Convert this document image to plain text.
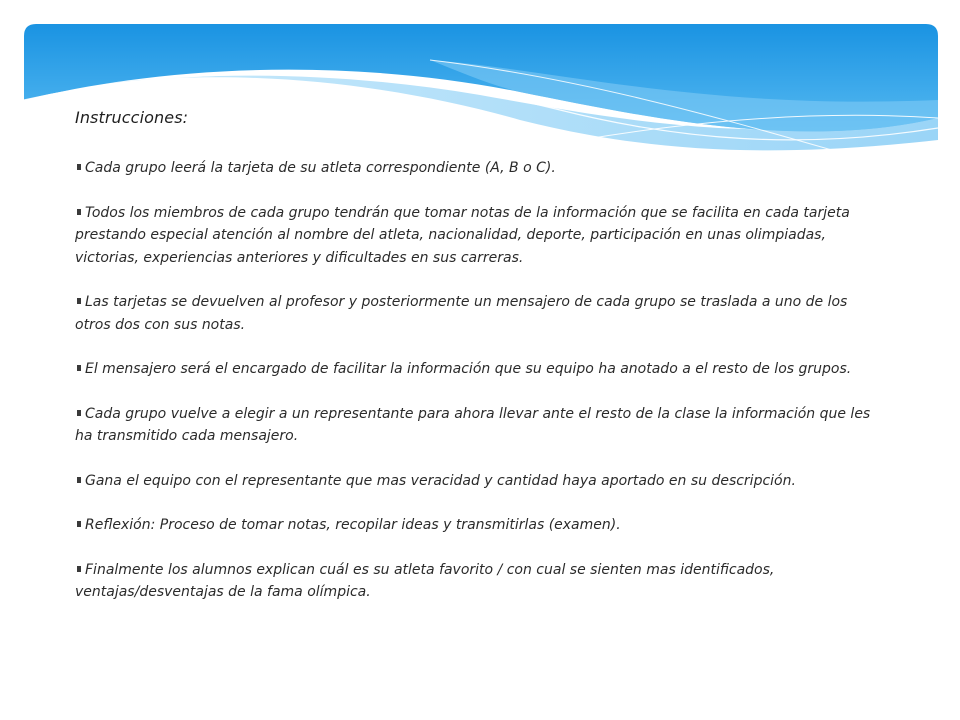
Instrucciones:
Cada grupo leerá la tarjeta de su atleta correspondiente (A, B o C).
Todos los miembros de cada grupo tendrán que tomar notas de la información que se facilita en cada tarjeta prestando especial atención al nombre del atleta, nacionalidad, deporte, participación en unas olimpiadas, victorias, experiencias anteriores y dificultades en sus carreras.
Las tarjetas se devuelven al profesor y posteriormente un mensajero de cada grupo se traslada a uno de los otros dos con sus notas.
El mensajero será el encargado de facilitar la información que su equipo ha anotado a el resto de los grupos.
Cada grupo vuelve a elegir a un representante para ahora llevar ante el resto de la clase la información que les ha transmitido cada mensajero.
Gana el equipo con el representante que mas veracidad y cantidad haya aportado en su descripción.
Reflexión: Proceso de tomar notas, recopilar ideas y transmitirlas (examen).
Finalmente los alumnos explican cuál es su atleta favorito / con cual se sienten mas identificados, ventajas/desventajas de la fama olímpica.
